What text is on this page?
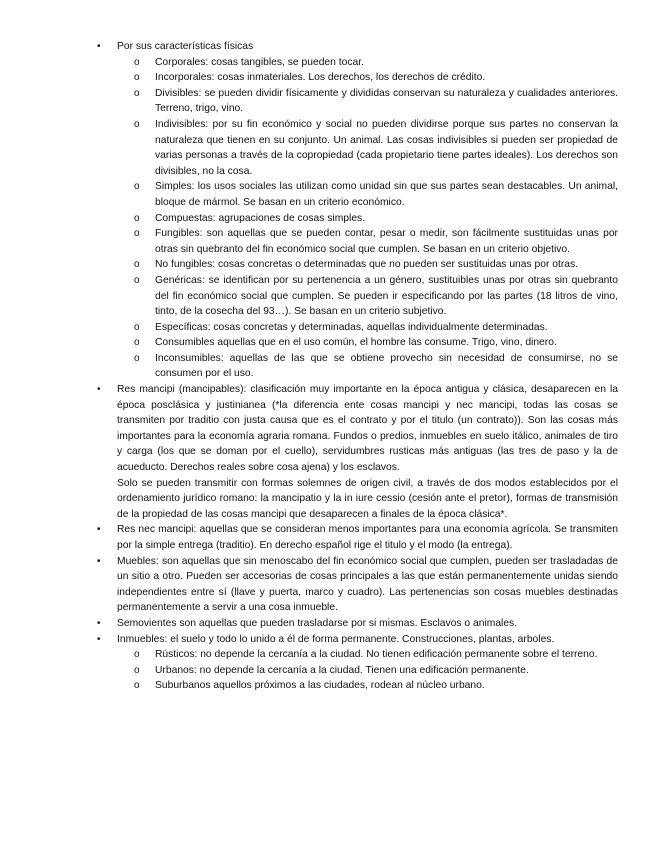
• Por sus características físicas
o Corporales: cosas tangibles, se pueden tocar.
o Incorporales: cosas inmateriales. Los derechos, los derechos de crédito.
o Divisibles: se pueden dividir físicamente y divididas conservan su naturaleza y cualidades anteriores. Terreno, trigo, vino.
o Indivisibles: por su fin económico y social no pueden dividirse porque sus partes no conservan la naturaleza que tienen en su conjunto. Un animal. Las cosas indivisibles si pueden ser propiedad de varias personas a través de la copropiedad (cada propietario tiene partes ideales). Los derechos son divisibles, no la cosa.
o Simples: los usos sociales las utilizan como unidad sin que sus partes sean destacables. Un animal, bloque de mármol. Se basan en un criterio económico.
o Compuestas: agrupaciones de cosas simples.
o Fungibles: son aquellas que se pueden contar, pesar o medir, son fácilmente sustituidas unas por otras sin quebranto del fin económico social que cumplen. Se basan en un criterio objetivo.
o No fungibles: cosas concretas o determinadas que no pueden ser sustituidas unas por otras.
o Genéricas: se identifican por su pertenencia a un género, sustituibles unas por otras sin quebranto del fin económico social que cumplen. Se pueden ir especificando por las partes (18 litros de vino, tinto, de la cosecha del 93…). Se basan en un criterio subjetivo.
o Específicas: cosas concretas y determinadas, aquellas individualmente determinadas.
o Consumibles aquellas que en el uso común, el hombre las consume. Trigo, vino, dinero.
o Inconsumibles: aquellas de las que se obtiene provecho sin necesidad de consumirse, no se consumen por el uso.
• Res mancipi (mancipables): clasificación muy importante en la época antigua y clásica, desaparecen en la época posclásica y justinianea (*la diferencia ente cosas mancipi y nec mancipi, todas las cosas se transmiten por traditio con justa causa que es el contrato y por el titulo (un contrato)). Son las cosas más importantes para la economía agraria romana. Fundos o predios, inmuebles en suelo itálico, animales de tiro y carga (los que se doman por el cuello), servidumbres rusticas más antiguas (las tres de paso y la de acueducto. Derechos reales sobre cosa ajena) y los esclavos.

Solo se pueden transmitir con formas solemnes de origen civil, a través de dos modos establecidos por el ordenamiento jurídico romano: la mancipatio y la in iure cessio (cesión ante el pretor), formas de transmisión de la propiedad de las cosas mancipi que desaparecen a finales de la época clásica*.

• Res nec mancipi: aquellas que se consideran menos importantes para una economía agrícola. Se transmiten por la simple entrega (traditio). En derecho español rige el titulo y el modo (la entrega).
• Muebles: son aquellas que sin menoscabo del fin económico social que cumplen, pueden ser trasladadas de un sitio a otro. Pueden ser accesorias de cosas principales a las que están permanentemente unidas siendo independientes entre sí (llave y puerta, marco y cuadro). Las pertenencias son cosas muebles destinadas permanentemente a servir a una cosa inmueble.
• Semovientes son aquellas que pueden trasladarse por si mismas. Esclavos o animales.
• Inmuebles: el suelo y todo lo unido a él de forma permanente. Construcciones, plantas, arboles.
o Rústicos: no depende la cercanía a la ciudad. No tienen edificación permanente sobre el terreno.
o Urbanos: no depende la cercanía a la ciudad. Tienen una edificación permanente.
o Suburbanos aquellos próximos a las ciudades, rodean al núcleo urbano.
